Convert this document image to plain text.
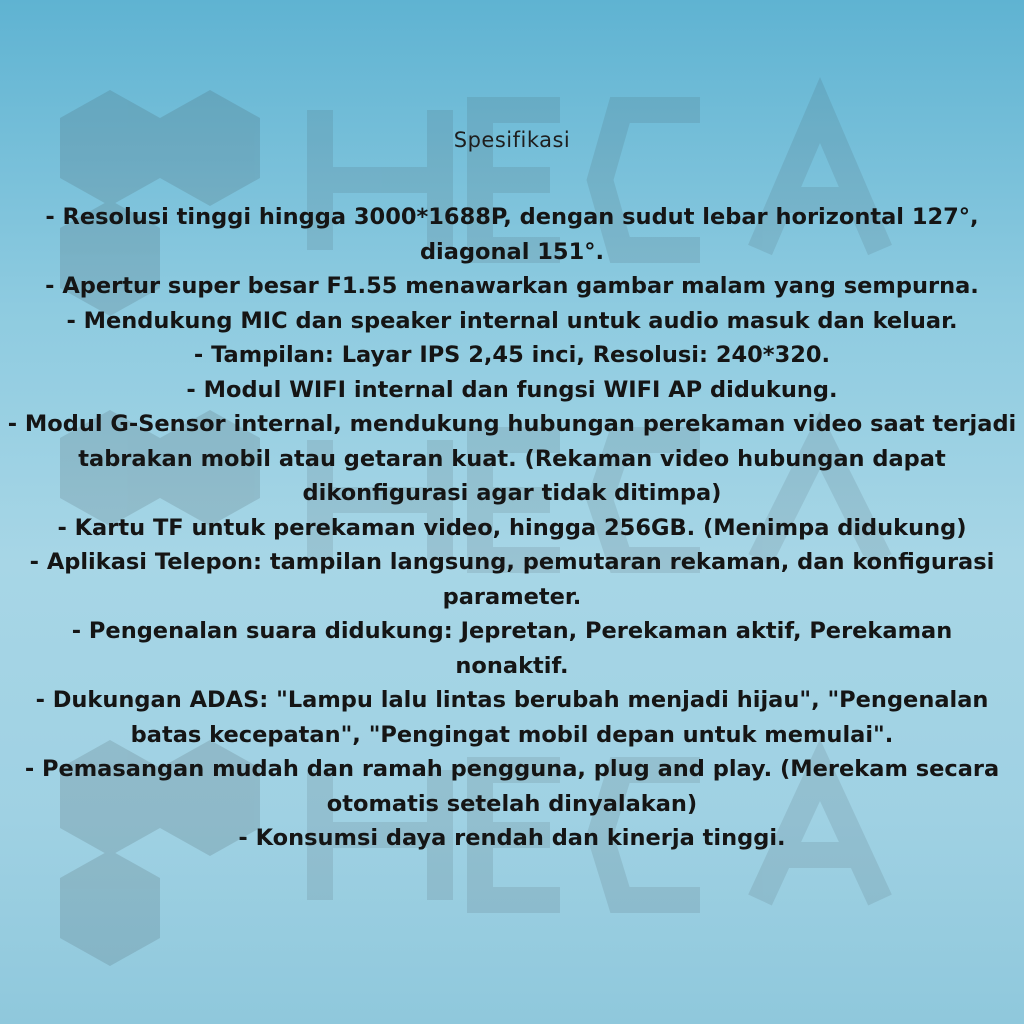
Spesifikasi
- Resolusi tinggi hingga 3000*1688P, dengan sudut lebar horizontal 127°, diagonal 151°.
- Apertur super besar F1.55 menawarkan gambar malam yang sempurna.
- Mendukung MIC dan speaker internal untuk audio masuk dan keluar.
- Tampilan: Layar IPS 2,45 inci, Resolusi: 240*320.
- Modul WIFI internal dan fungsi WIFI AP didukung.
- Modul G-Sensor internal, mendukung hubungan perekaman video saat terjadi tabrakan mobil atau getaran kuat. (Rekaman video hubungan dapat dikonfigurasi agar tidak ditimpa)
- Kartu TF untuk perekaman video, hingga 256GB. (Menimpa didukung)
- Aplikasi Telepon: tampilan langsung, pemutaran rekaman, dan konfigurasi parameter.
- Pengenalan suara didukung: Jepretan, Perekaman aktif, Perekaman nonaktif.
- Dukungan ADAS: "Lampu lalu lintas berubah menjadi hijau", "Pengenalan batas kecepatan", "Pengingat mobil depan untuk memulai".
- Pemasangan mudah dan ramah pengguna, plug and play. (Merekam secara otomatis setelah dinyalakan)
- Konsumsi daya rendah dan kinerja tinggi.
